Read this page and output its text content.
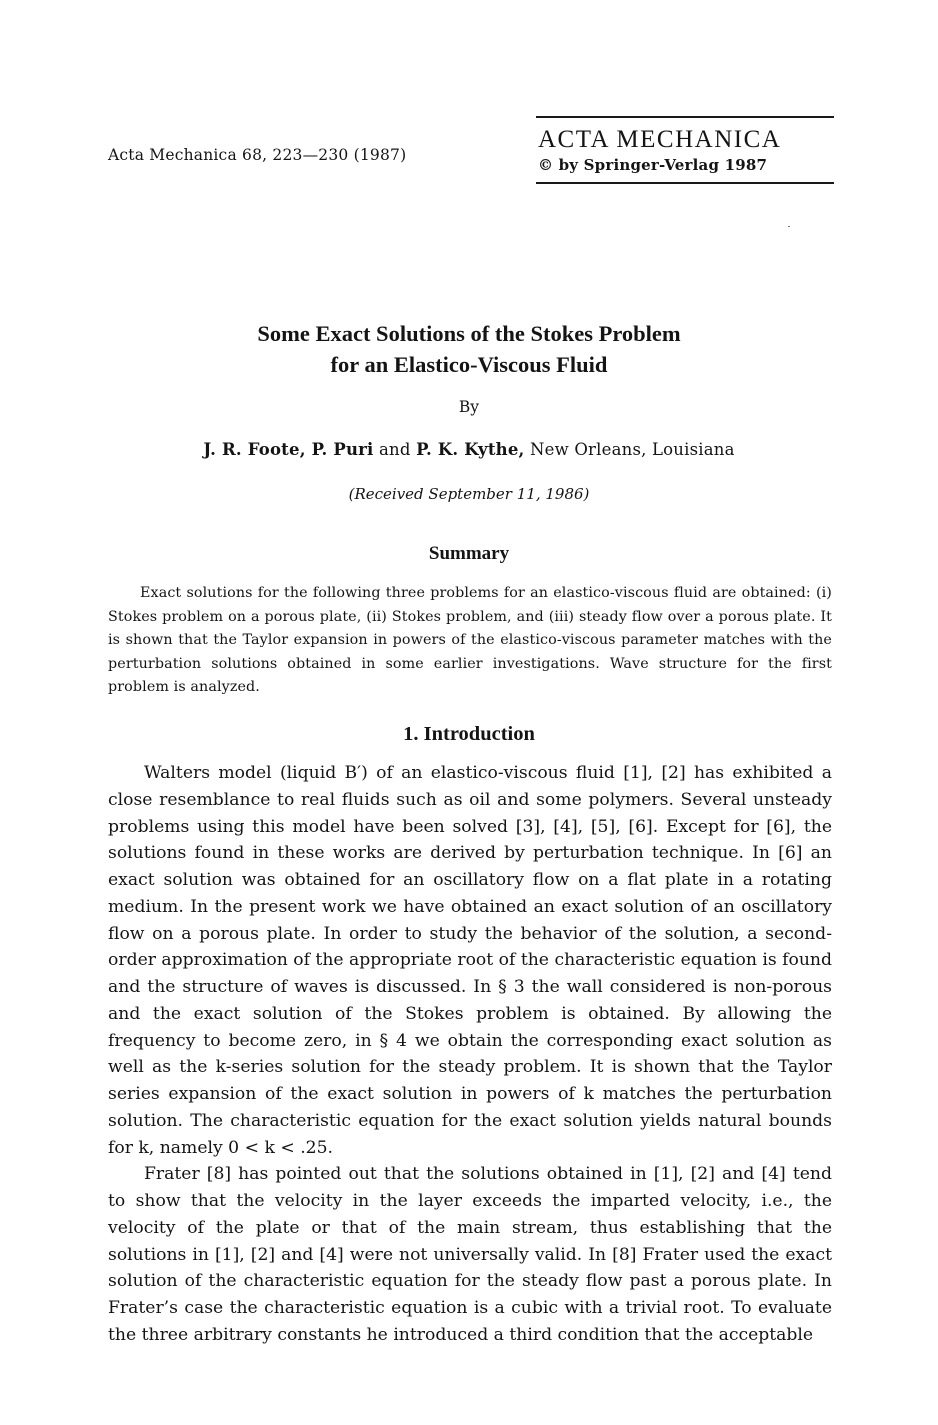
Acta Mechanica 68, 223—230 (1987)
ACTA MECHANICA
© by Springer-Verlag 1987
Some Exact Solutions of the Stokes Problem
for an Elastico-Viscous Fluid
By
J. R. Foote, P. Puri and P. K. Kythe, New Orleans, Louisiana
(Received September 11, 1986)
Summary
Exact solutions for the following three problems for an elastico-viscous fluid are obtained: (i) Stokes problem on a porous plate, (ii) Stokes problem, and (iii) steady flow over a porous plate. It is shown that the Taylor expansion in powers of the elastico-viscous parameter matches with the perturbation solutions obtained in some earlier investigations. Wave structure for the first problem is analyzed.
1. Introduction

Walters model (liquid B′) of an elastico-viscous fluid [1], [2] has exhibited a close resemblance to real fluids such as oil and some polymers. Several unsteady problems using this model have been solved [3], [4], [5], [6]. Except for [6], the solutions found in these works are derived by perturbation technique. In [6] an exact solution was obtained for an oscillatory flow on a flat plate in a rotating medium. In the present work we have obtained an exact solution of an oscillatory flow on a porous plate. In order to study the behavior of the solution, a second-order approximation of the appropriate root of the characteristic equation is found and the structure of waves is discussed. In § 3 the wall considered is non-porous and the exact solution of the Stokes problem is obtained. By allowing the frequency to become zero, in § 4 we obtain the corresponding exact solution as well as the k-series solution for the steady problem. It is shown that the Taylor series expansion of the exact solution in powers of k matches the perturbation solution. The characteristic equation for the exact solution yields natural bounds for k, namely 0 < k < .25.

Frater [8] has pointed out that the solutions obtained in [1], [2] and [4] tend to show that the velocity in the layer exceeds the imparted velocity, i.e., the velocity of the plate or that of the main stream, thus establishing that the solutions in [1], [2] and [4] were not universally valid. In [8] Frater used the exact solution of the characteristic equation for the steady flow past a porous plate. In Frater’s case the characteristic equation is a cubic with a trivial root. To evaluate the three arbitrary constants he introduced a third condition that the acceptable
